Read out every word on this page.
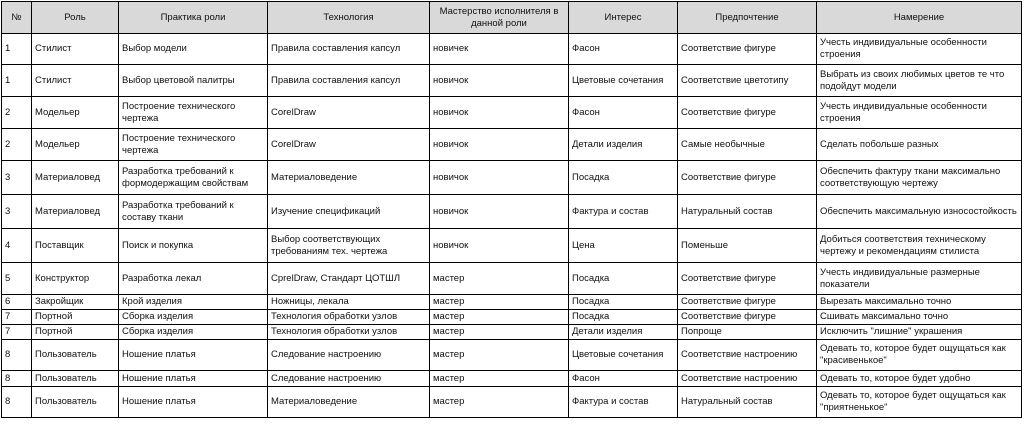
№	Роль	Практика роли	Технология	Мастерство исполнителя в данной роли	Интерес	Предпочтение	Намерение
1	Стилист	Выбор модели	Правила составления капсул	новичек	Фасон	Соответствие фигуре	Учесть индивидуальные особенности строения
1	Стилист	Выбор цветовой палитры	Правила составления капсул	новичок	Цветовые сочетания	Соответствие цветотипу	Выбрать из своих любимых цветов те что подойдут модели
2	Модельер	Построение технического чертежа	CorelDraw	новичок	Фасон	Соответствие фигуре	Учесть индивидуальные особенности строения
2	Модельер	Построение технического чертежа	CorelDraw	новичок	Детали изделия	Самые необычные	Сделать побольше разных
3	Материаловед	Разработка требований к формодержащим свойствам	Материаловедение	новичок	Посадка	Соответствие фигуре	Обеспечить фактуру ткани максимально соответствующую чертежу
3	Материаловед	Разработка требований к составу ткани	Изучение спецификаций	новичок	Фактура и состав	Натуральный состав	Обеспечить максимальную износостойкость
4	Поставщик	Поиск и покупка	Выбор соответствующих требованиям тех. чертежа	новичок	Цена	Поменьше	Добиться соответствия техническому чертежу и рекомендациям стилиста
5	Конструктор	Разработка лекал	CprelDraw, Стандарт ЦОТШЛ	мастер	Посадка	Соответствие фигуре	Учесть индивидуальные размерные показатели
6	Закройщик	Крой изделия	Ножницы, лекала	мастер	Посадка	Соответствие фигуре	Вырезать максимально точно
7	Портной	Сборка изделия	Технология обработки узлов	мастер	Посадка	Соответствие фигуре	Сшивать максимально точно
7	Портной	Сборка изделия	Технология обработки узлов	мастер	Детали изделия	Попроще	Исключить "лишние" украшения
8	Пользователь	Ношение платья	Следование настроению	мастер	Цветовые сочетания	Соответствие настроению	Одевать то, которое будет ощущаться как "красивенькое"
8	Пользователь	Ношение платья	Следование настроению	мастер	Фасон	Соответствие настроению	Одевать то, которое будет удобно
8	Пользователь	Ношение платья	Материаловедение	мастер	Фактура и состав	Натуральный состав	Одевать то, которое будет ощущаться как "приятненькое"
